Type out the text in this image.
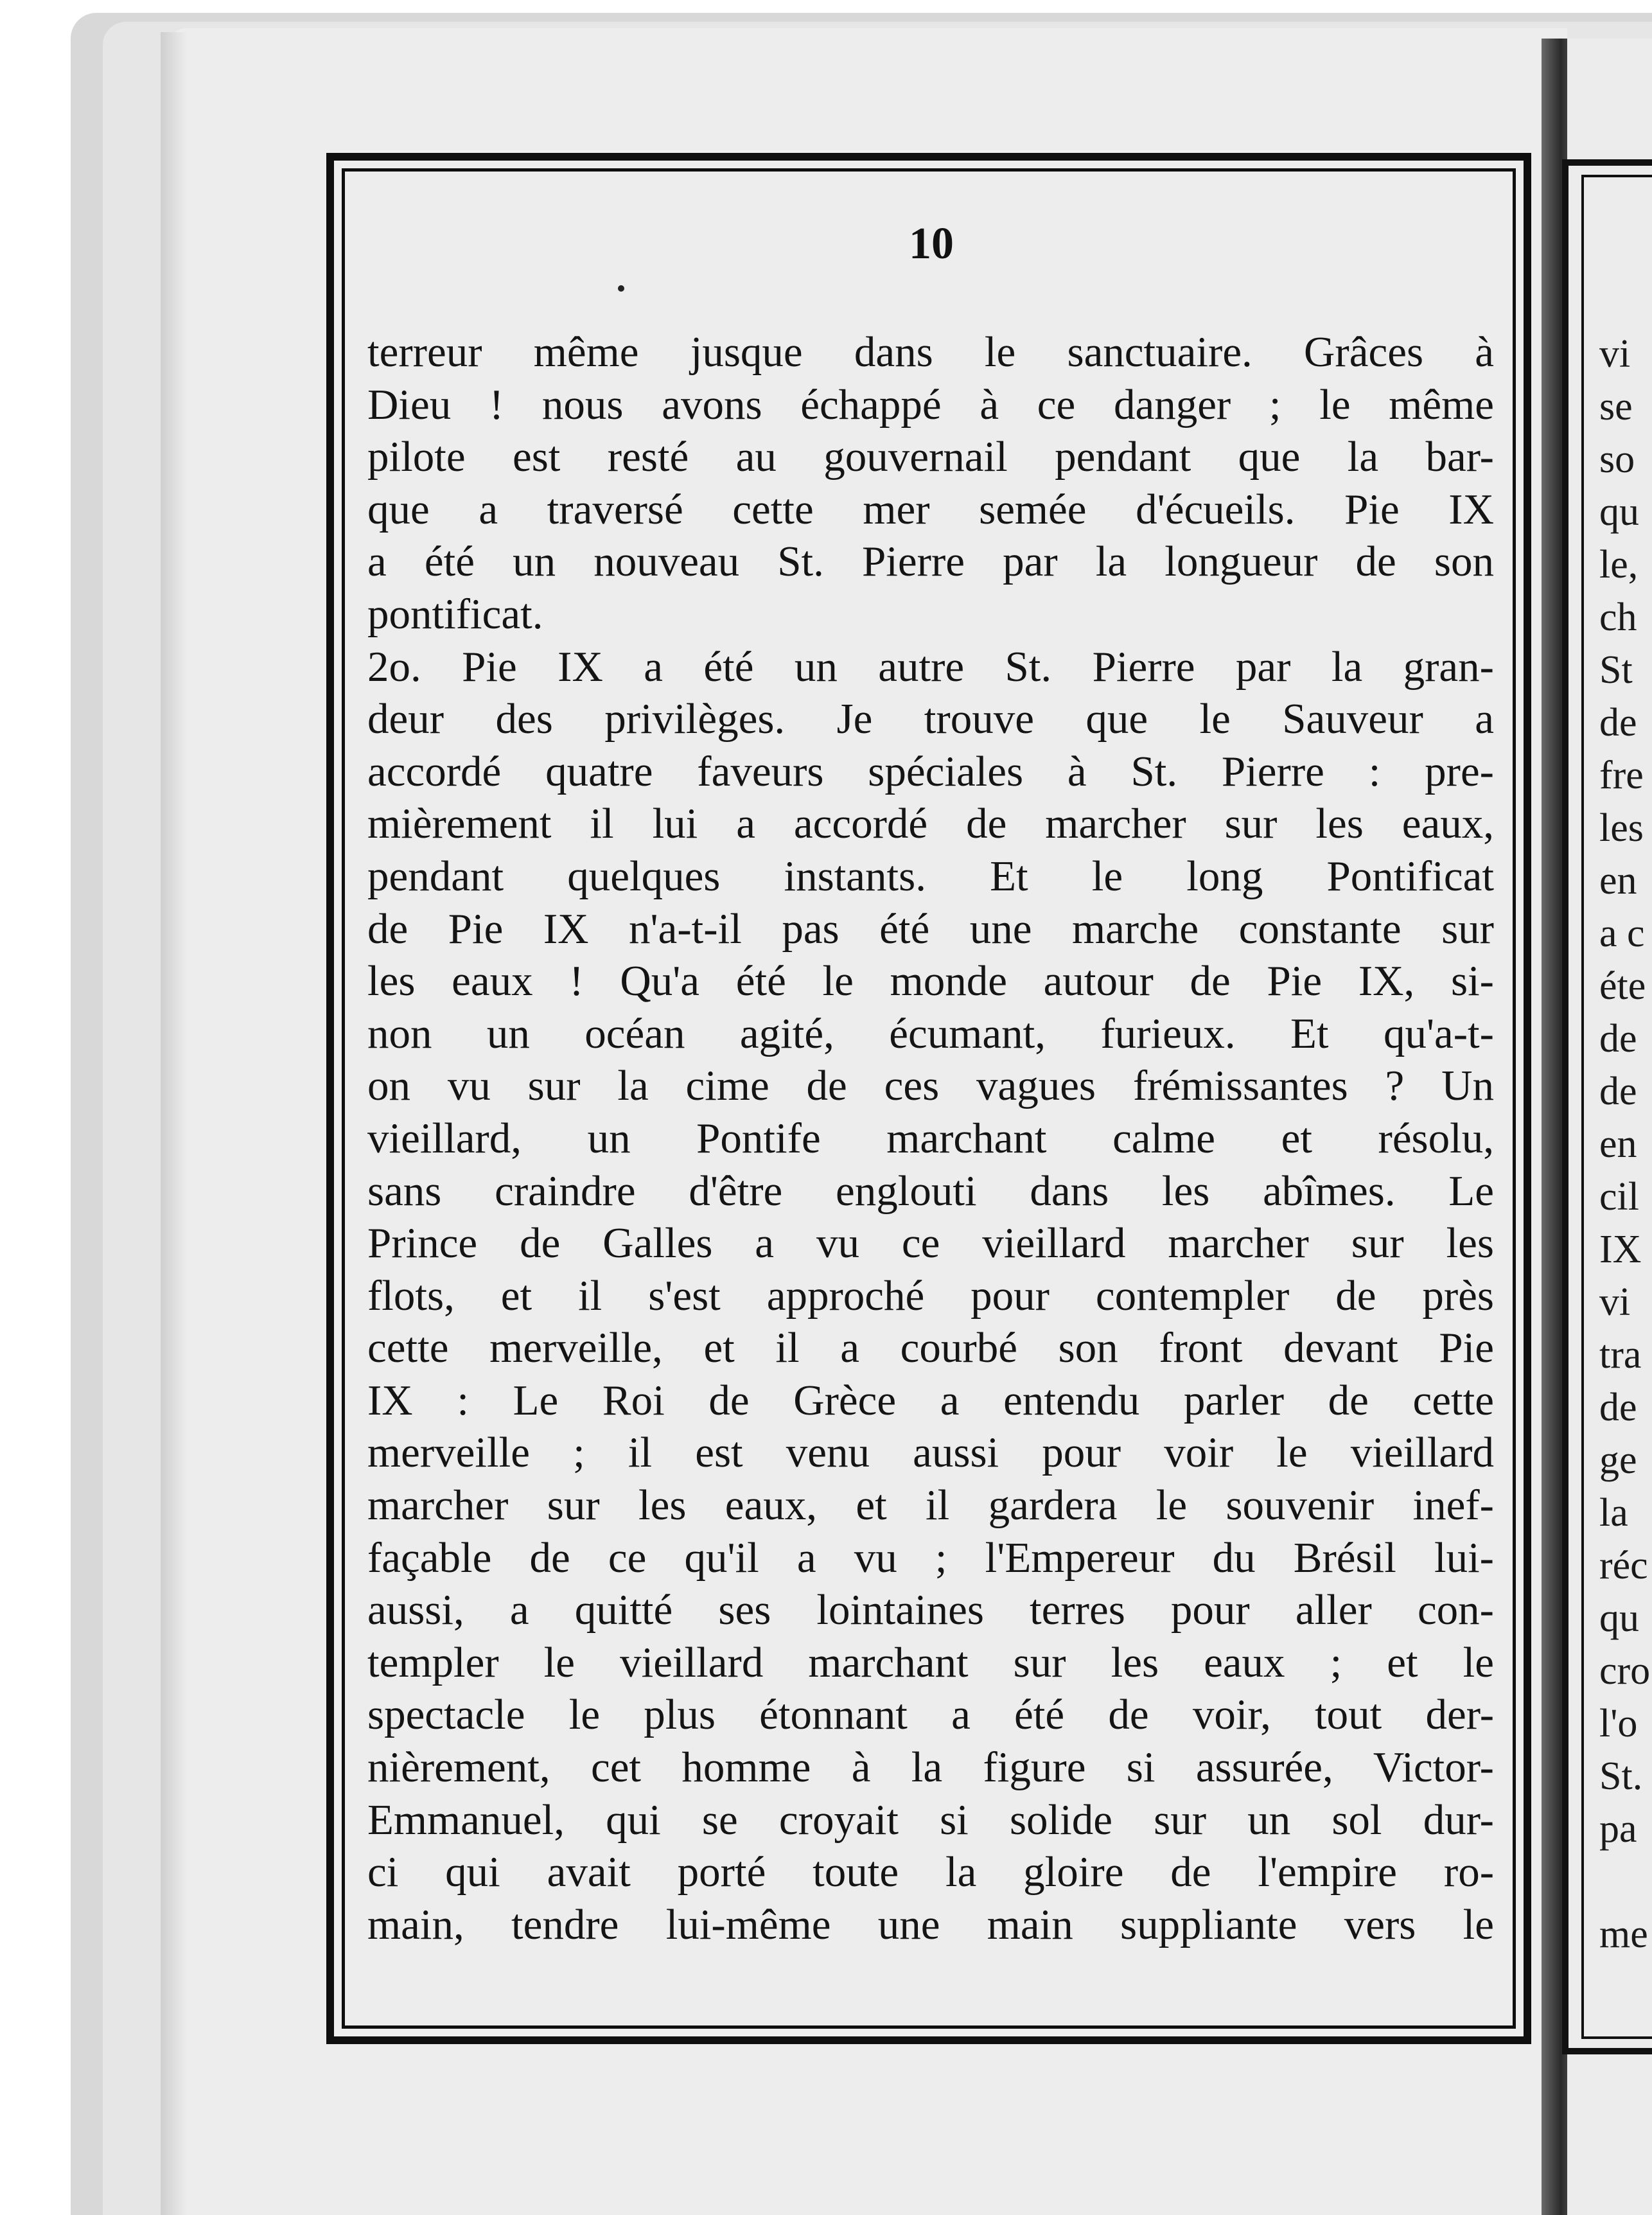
vi
se
so
qu
le,
ch
St
de
fre
les
en
a c
éte
de
de
en
cil
IX
vi
tra
de
ge
la
réc
qu
cro
l'o
St.
pa
me
10
terreur même jusque dans le sanctuaire. Grâces à
Dieu ! nous avons échappé à ce danger ; le même
pilote est resté au gouvernail pendant que la bar-
que a traversé cette mer semée d'écueils. Pie IX
a été un nouveau St. Pierre par la longueur de son
pontificat.
2o. Pie IX a été un autre St. Pierre par la gran-
deur des privilèges. Je trouve que le Sauveur a
accordé quatre faveurs spéciales à St. Pierre : pre-
mièrement il lui a accordé de marcher sur les eaux,
pendant quelques instants. Et le long Pontificat
de Pie IX n'a-t-il pas été une marche constante sur
les eaux ! Qu'a été le monde autour de Pie IX, si-
non un océan agité, écumant, furieux. Et qu'a-t-
on vu sur la cime de ces vagues frémissantes ? Un
vieillard, un Pontife marchant calme et résolu,
sans craindre d'être englouti dans les abîmes. Le
Prince de Galles a vu ce vieillard marcher sur les
flots, et il s'est approché pour contempler de près
cette merveille, et il a courbé son front devant Pie
IX : Le Roi de Grèce a entendu parler de cette
merveille ; il est venu aussi pour voir le vieillard
marcher sur les eaux, et il gardera le souvenir inef-
façable de ce qu'il a vu ; l'Empereur du Brésil lui-
aussi, a quitté ses lointaines terres pour aller con-
templer le vieillard marchant sur les eaux ; et le
spectacle le plus étonnant a été de voir, tout der-
nièrement, cet homme à la figure si assurée, Victor-
Emmanuel, qui se croyait si solide sur un sol dur-
ci qui avait porté toute la gloire de l'empire ro-
main, tendre lui-même une main suppliante vers le
